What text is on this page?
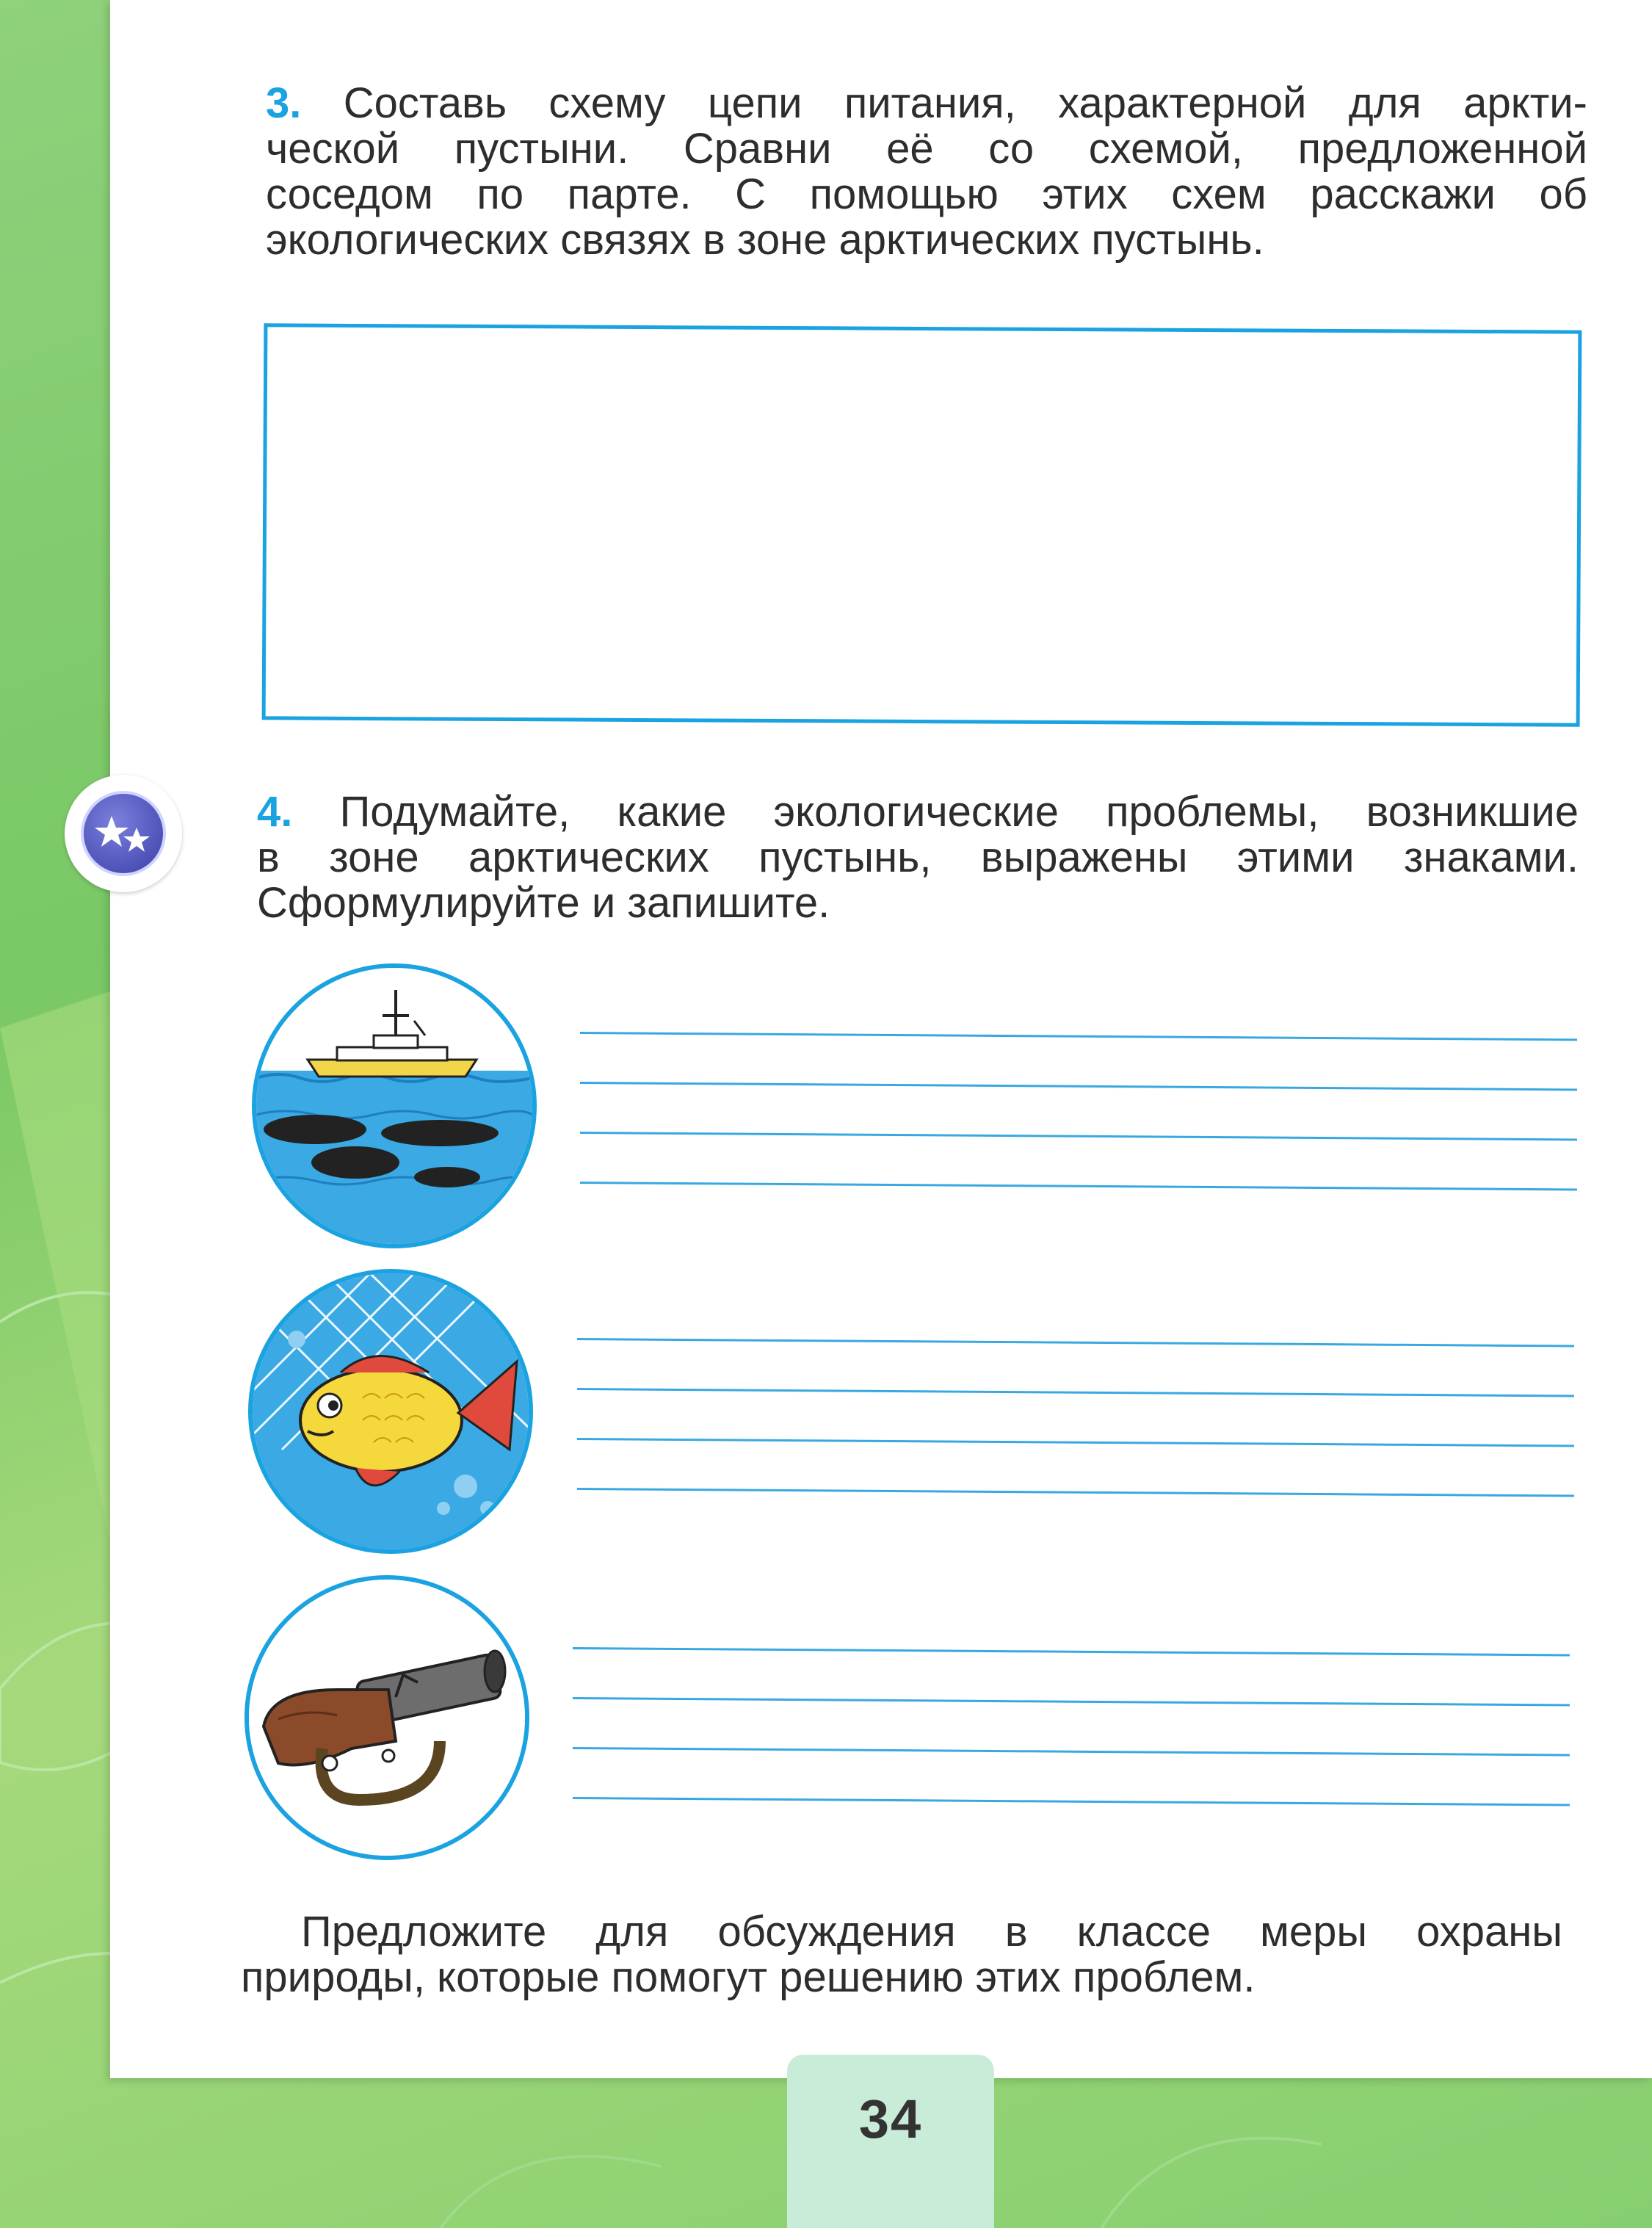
3. Составь схему цепи питания, характерной для аркти-
ческой пустыни. Сравни её со схемой, предложенной
соседом по парте. С помощью этих схем расскажи об
экологических связях в зоне арктических пустынь.
4. Подумайте, какие экологические проблемы, возникшие
в зоне арктических пустынь, выражены этими знаками.
Сформулируйте и запишите.
Предложите для обсуждения в классе меры охраны
природы, которые помогут решению этих проблем.
34
